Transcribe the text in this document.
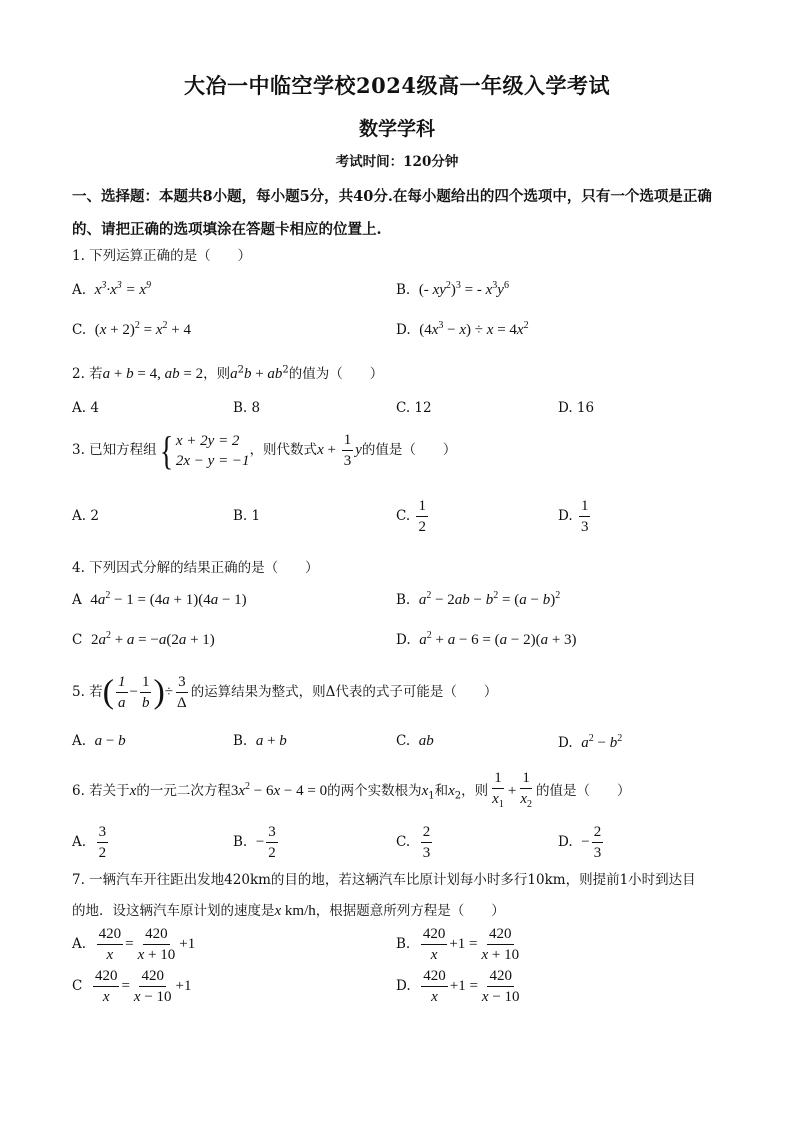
大冶一中临空学校2024级高一年级入学考试
数学学科
考试时间：120分钟
一、选择题：本题共8小题，每小题5分，共40分.在每小题给出的四个选项中，只有一个选项是正确的、请把正确的选项填涂在答题卡相应的位置上.
1. 下列运算正确的是（　　）
A. $x^3\cdot x^3 = x^9$	B. (- $xy^2)^3$ = - $x^3y^6$
C. $(x + 2)^2 = x^2 + 4$	D. $(4x^3 - x) \div x = 4x^2$
2. 若a + b = 4, ab = 2，则$a^2b + ab^2$的值为（　　）
A. 4	B. 8	C. 12	D. 16
3. 已知方程组 { x + 2y = 2
2x − y = −1
，则代数式$x + \frac{1}{3}$ y的值是（　　）
A. 2	B. 1	C. $\frac{1}{2}$	D. $\frac{1}{3}$
4. 下列因式分解的结果正确的是（　　）
A $4a^2 - 1 = (4a + 1)(4a - 1)$	B. $a^2 - 2ab - b^2 = (a - b)^2$
C $2a^2 + a = -a(2a + 1)$	D. $a^2 + a - 6 = (a - 2)(a + 3)$
5. 若( $\frac{1}{a} - \frac{1}{b}$ )÷ $\frac{3}{\Delta}$ 的运算结果为整式，则Δ代表的式子可能是（　　）
A. a − b	B. a + b	C. ab	D. $a^2 - b^2$
6. 若关于x的一元二次方程$3x^2 - 6x - 4 = 0$的两个实数根为$x_1$和$x_2$，则 $\frac{1}{x_1} + \frac{1}{x_2}$ 的值是（　　）
A. $\frac{3}{2}$	B. − $\frac{3}{2}$	C. $\frac{2}{3}$	D. − $\frac{2}{3}$
7. 一辆汽车开往距出发地420km的目的地，若这辆汽车比原计划每小时多行10km，则提前1小时到达目
的地．设这辆汽车原计划的速度是x km/h，根据题意所列方程是（　　）
A. $\frac{420}{x} = \frac{420}{x + 10} +1$	B. $\frac{420}{x} +1 = \frac{420}{x + 10}$
C $\frac{420}{x} = \frac{420}{x - 10} +1$	D. $\frac{420}{x} +1 = \frac{420}{x - 10}$
